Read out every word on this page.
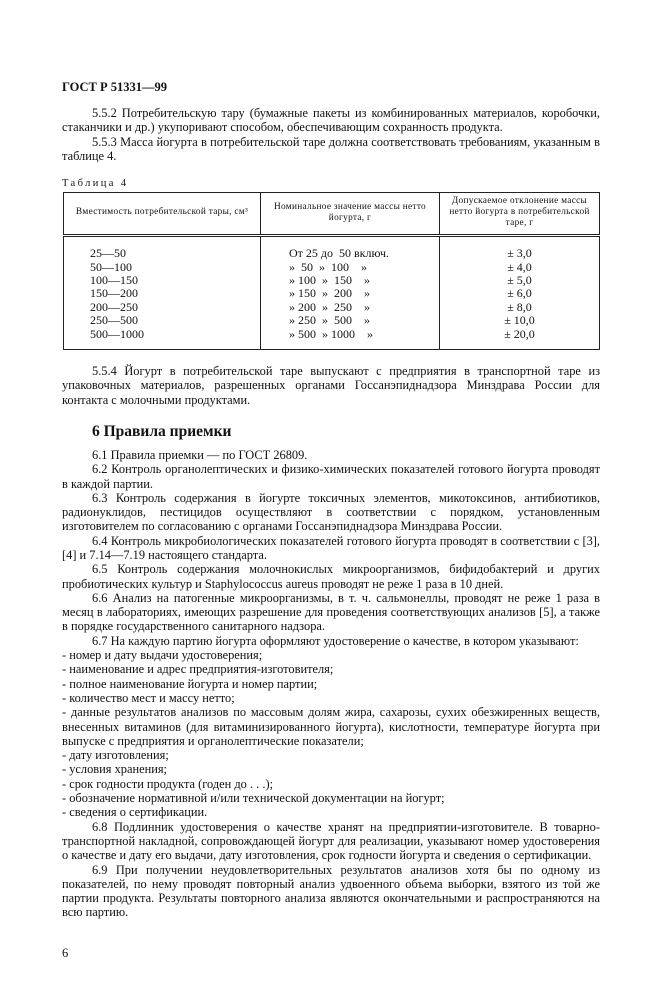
ГОСТ Р 51331—99

5.5.2 Потребительскую тару (бумажные пакеты из комбинированных материалов, коробочки, стаканчики и др.) укупоривают способом, обеспечивающим сохранность продукта.

5.5.3 Масса йогурта в потребительской таре должна соответствовать требованиям, указанным в таблице 4.

Таблица 4
Вместимость потребительской тары, см³	Номинальное значение массы нетто йогурта, г	Допускаемое отклонение массы нетто йогурта в потребительской таре, г
25—50	От 25 до  50 включ.	± 3,0
50—100	»  50  »  100    »	± 4,0
100—150	» 100  »  150    »	± 5,0
150—200	» 150  »  200    »	± 6,0
200—250	» 200  »  250    »	± 8,0
250—500	» 250  »  500    »	± 10,0
500—1000	» 500  » 1000    »	± 20,0

5.5.4 Йогурт в потребительской таре выпускают с предприятия в транспортной таре из упаковочных материалов, разрешенных органами Госсанэпиднадзора Минздрава России для контакта с молочными продуктами.

6 Правила приемки

6.1 Правила приемки — по ГОСТ 26809.

6.2 Контроль органолептических и физико-химических показателей готового йогурта проводят в каждой партии.

6.3 Контроль содержания в йогурте токсичных элементов, микотоксинов, антибиотиков, радионуклидов, пестицидов осуществляют в соответствии с порядком, установленным изготовителем по согласованию с органами Госсанэпиднадзора Минздрава России.

6.4 Контроль микробиологических показателей готового йогурта проводят в соответствии с [3], [4] и 7.14—7.19 настоящего стандарта.

6.5 Контроль содержания молочнокислых микроорганизмов, бифидобактерий и других пробиотических культур и Staphylococcus aureus проводят не реже 1 раза в 10 дней.

6.6 Анализ на патогенные микроорганизмы, в т. ч. сальмонеллы, проводят не реже 1 раза в месяц в лабораториях, имеющих разрешение для проведения соответствующих анализов [5], а также в порядке государственного санитарного надзора.

6.7 На каждую партию йогурта оформляют удостоверение о качестве, в котором указывают:

- номер и дату выдачи удостоверения;

- наименование и адрес предприятия-изготовителя;

- полное наименование йогурта и номер партии;

- количество мест и массу нетто;

- данные результатов анализов по массовым долям жира, сахарозы, сухих обезжиренных веществ, внесенных витаминов (для витаминизированного йогурта), кислотности, температуре йогурта при выпуске с предприятия и органолептические показатели;

- дату изготовления;

- условия хранения;

- срок годности продукта (годен до . . .);

- обозначение нормативной и/или технической документации на йогурт;

- сведения о сертификации.

6.8 Подлинник удостоверения о качестве хранят на предприятии-изготовителе. В товарно-транспортной накладной, сопровождающей йогурт для реализации, указывают номер удостоверения о качестве и дату его выдачи, дату изготовления, срок годности йогурта и сведения о сертификации.

6.9 При получении неудовлетворительных результатов анализов хотя бы по одному из показателей, по нему проводят повторный анализ удвоенного объема выборки, взятого из той же партии продукта. Результаты повторного анализа являются окончательными и распространяются на всю партию.

6
